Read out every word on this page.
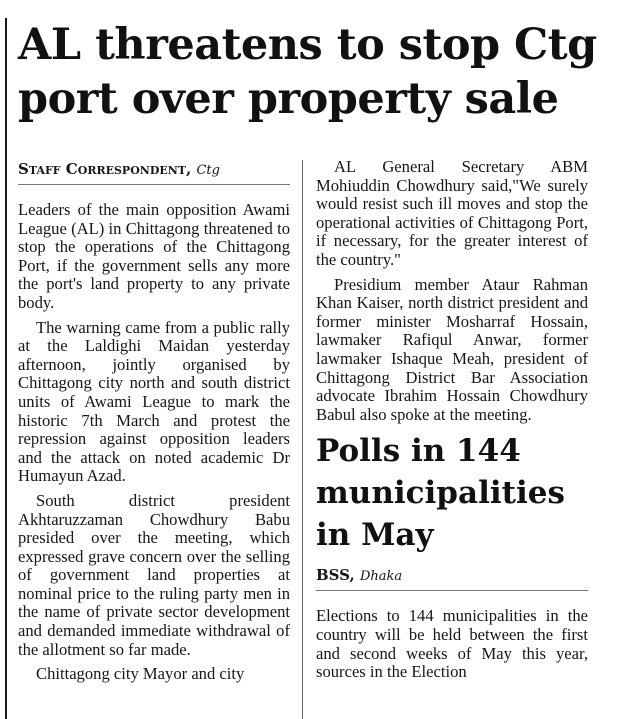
AL threatens to stop Ctg port over property sale
Staff Correspondent, Ctg

Leaders of the main opposition Awami League (AL) in Chittagong threatened to stop the operations of the Chittagong Port, if the government sells any more the port's land property to any private body.

The warning came from a public rally at the Laldighi Maidan yesterday afternoon, jointly organised by Chittagong city north and south district units of Awami League to mark the historic 7th March and protest the repression against opposition leaders and the attack on noted academic Dr Humayun Azad.

South district president Akhtaruzzaman Chowdhury Babu presided over the meeting, which expressed grave concern over the selling of government land properties at nominal price to the ruling party men in the name of private sector development and demanded immediate withdrawal of the allotment so far made.

Chittagong city Mayor and city

AL General Secretary ABM Mohiuddin Chowdhury said,"We surely would resist such ill moves and stop the operational activities of Chittagong Port, if necessary, for the greater interest of the country."

Presidium member Ataur Rahman Khan Kaiser, north district president and former minister Mosharraf Hossain, lawmaker Rafiqul Anwar, former lawmaker Ishaque Meah, president of Chittagong District Bar Association advocate Ibrahim Hossain Chowdhury Babul also spoke at the meeting.

Polls in 144 municipalities in May
BSS, Dhaka

Elections to 144 municipalities in the country will be held between the first and second weeks of May this year, sources in the Election
